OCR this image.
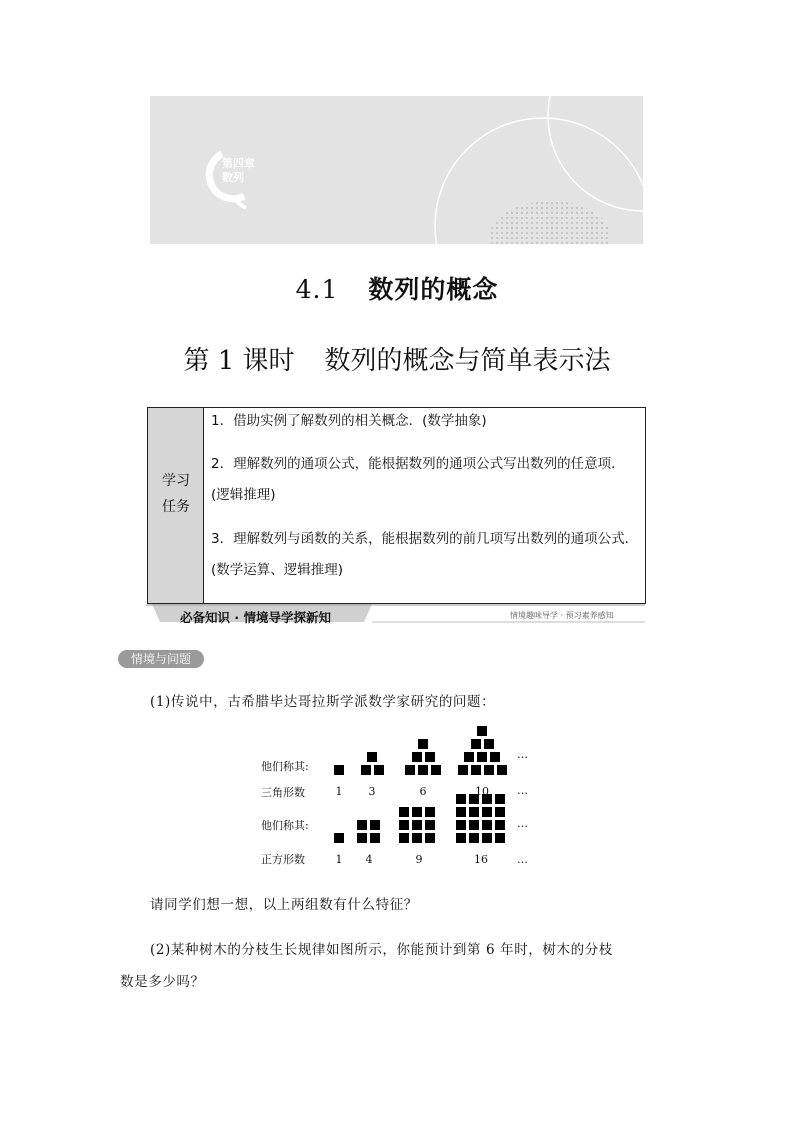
第四章
数列
4.1 数列的概念
第 1 课时 数列的概念与简单表示法
学习
任务
1．借助实例了解数列的相关概念．(数学抽象)
2．理解数列的通项公式，能根据数列的通项公式写出数列的任意项．(逻辑推理)
3．理解数列与函数的关系，能根据数列的前几项写出数列的通项公式．(数学运算、逻辑推理)
必备知识 · 情境导学探新知	情境趣味导学 · 预习素养感知
情境与问题
(1)传说中，古希腊毕达哥拉斯学派数学家研究的问题：
他们称其:
三角形数
他们称其:
正方形数
1	3	6	10
1	4	9	16
…
…
…
…
请同学们想一想，以上两组数有什么特征？
(2)某种树木的分枝生长规律如图所示，你能预计到第 6 年时，树木的分枝
数是多少吗？
